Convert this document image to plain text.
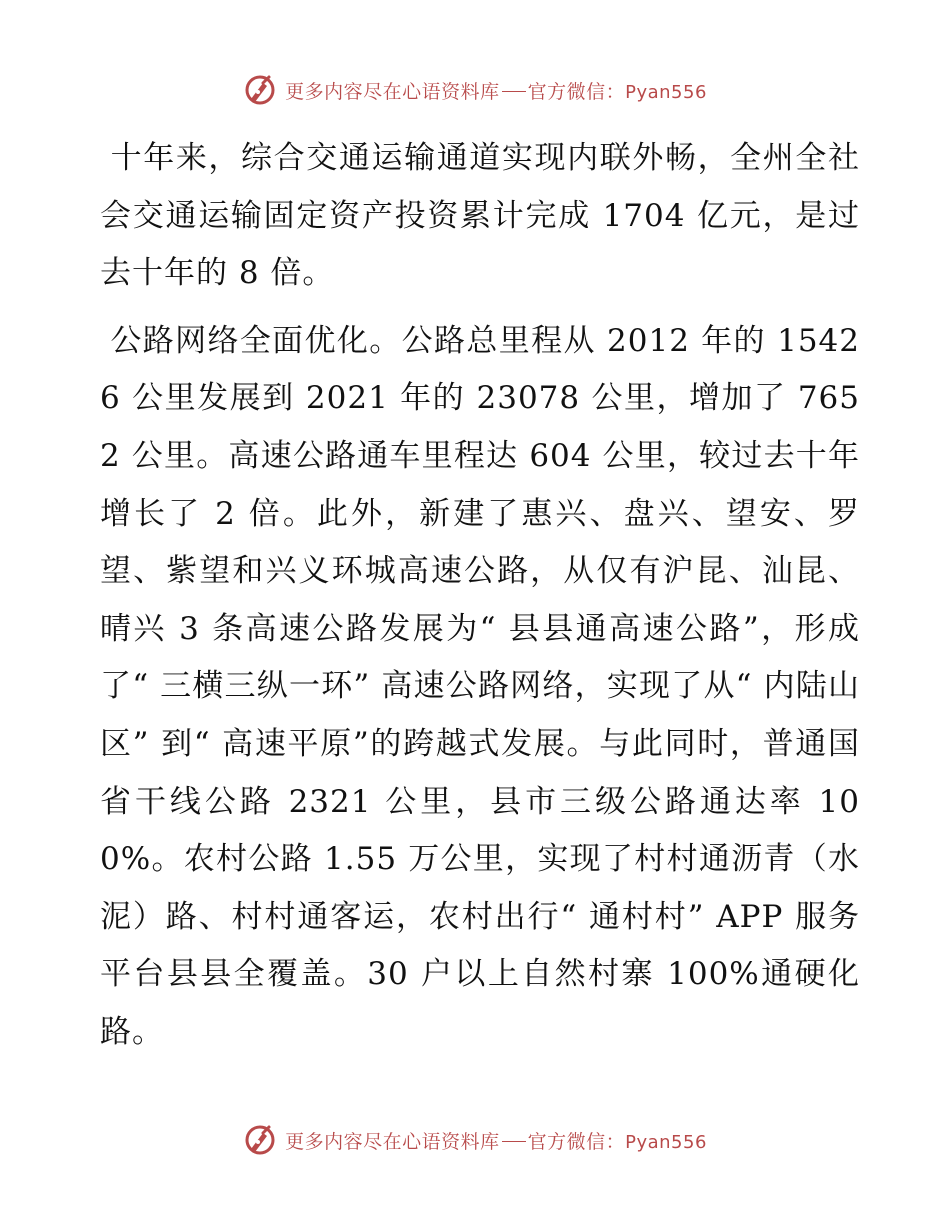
更多内容尽在心语资料库 官方微信： Pyan556

十年来，综合交通运输通道实现内联外畅，全州全社会交通运输固定资产投资累计完成 1704 亿元，是过去十年的 8 倍。

公路网络全面优化。公路总里程从 2012 年的 15426 公里发展到 2021 年的 23078 公里，增加了 7652 公里。高速公路通车里程达 604 公里，较过去十年增长了 2 倍。此外，新建了惠兴、盘兴、望安、罗望、紫望和兴义环城高速公路，从仅有沪昆、汕昆、晴兴 3 条高速公路发展为“ 县县通高速公路”，形成了“ 三横三纵一环” 高速公路网络，实现了从“ 内陆山区” 到“ 高速平原”的跨越式发展。与此同时，普通国省干线公路 2321 公里，县市三级公路通达率 100%。农村公路 1.55 万公里，实现了村村通沥青（水泥）路、村村通客运，农村出行“ 通村村” APP 服务平台县县全覆盖。30 户以上自然村寨 100%通硬化路。

更多内容尽在心语资料库 官方微信： Pyan556
